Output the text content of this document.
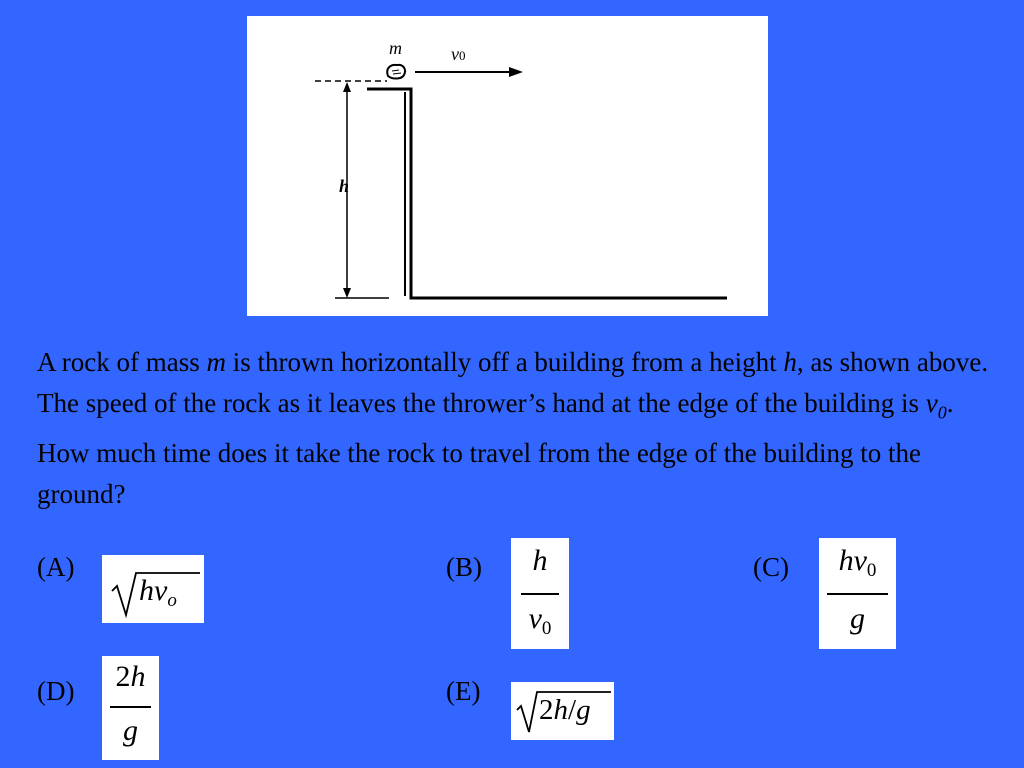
m	v0
h
A rock of mass m is thrown horizontally off a building from a height h, as shown above. The speed of the rock as it leaves the thrower’s hand at the edge of the building is $v_0$. How much time does it take the rock to travel from the edge of the building to the ground?
(A)
$hv_o$
(B)	h
$v_0$
(C)	$hv_0$
g
(D)	2h
g
(E)
2h/g
